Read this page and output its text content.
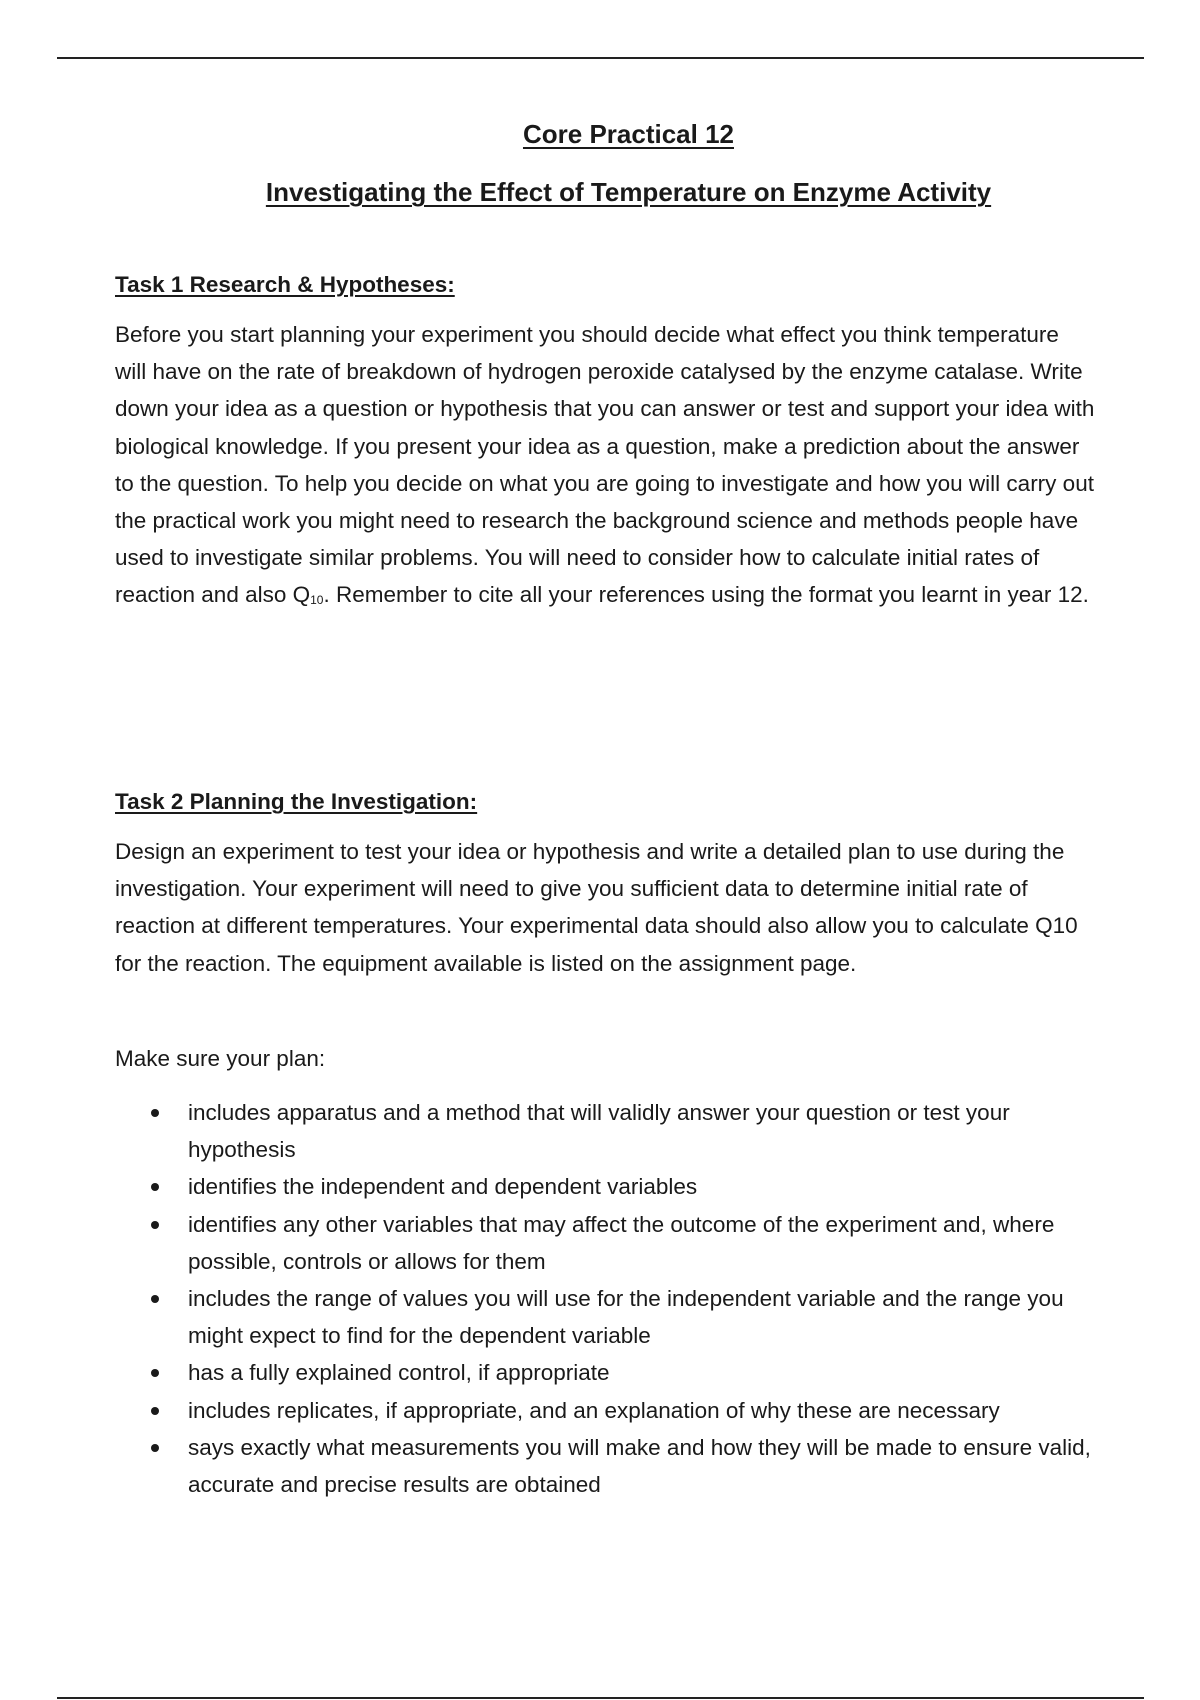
Core Practical 12
Investigating the Effect of Temperature on Enzyme Activity
Task 1 Research & Hypotheses:
Before you start planning your experiment you should decide what effect you think temperature will have on the rate of breakdown of hydrogen peroxide catalysed by the enzyme catalase. Write down your idea as a question or hypothesis that you can answer or test and support your idea with biological knowledge. If you present your idea as a question, make a prediction about the answer to the question. To help you decide on what you are going to investigate and how you will carry out the practical work you might need to research the background science and methods people have used to investigate similar problems. You will need to consider how to calculate initial rates of reaction and also $Q_{10}$. Remember to cite all your references using the format you learnt in year 12.
Task 2 Planning the Investigation:
Design an experiment to test your idea or hypothesis and write a detailed plan to use during the investigation. Your experiment will need to give you sufficient data to determine initial rate of reaction at different temperatures. Your experimental data should also allow you to calculate Q10 for the reaction. The equipment available is listed on the assignment page.
Make sure your plan:
includes apparatus and a method that will validly answer your question or test your hypothesis
identifies the independent and dependent variables
identifies any other variables that may affect the outcome of the experiment and, where possible, controls or allows for them
includes the range of values you will use for the independent variable and the range you might expect to find for the dependent variable
has a fully explained control, if appropriate
includes replicates, if appropriate, and an explanation of why these are necessary
says exactly what measurements you will make and how they will be made to ensure valid, accurate and precise results are obtained
